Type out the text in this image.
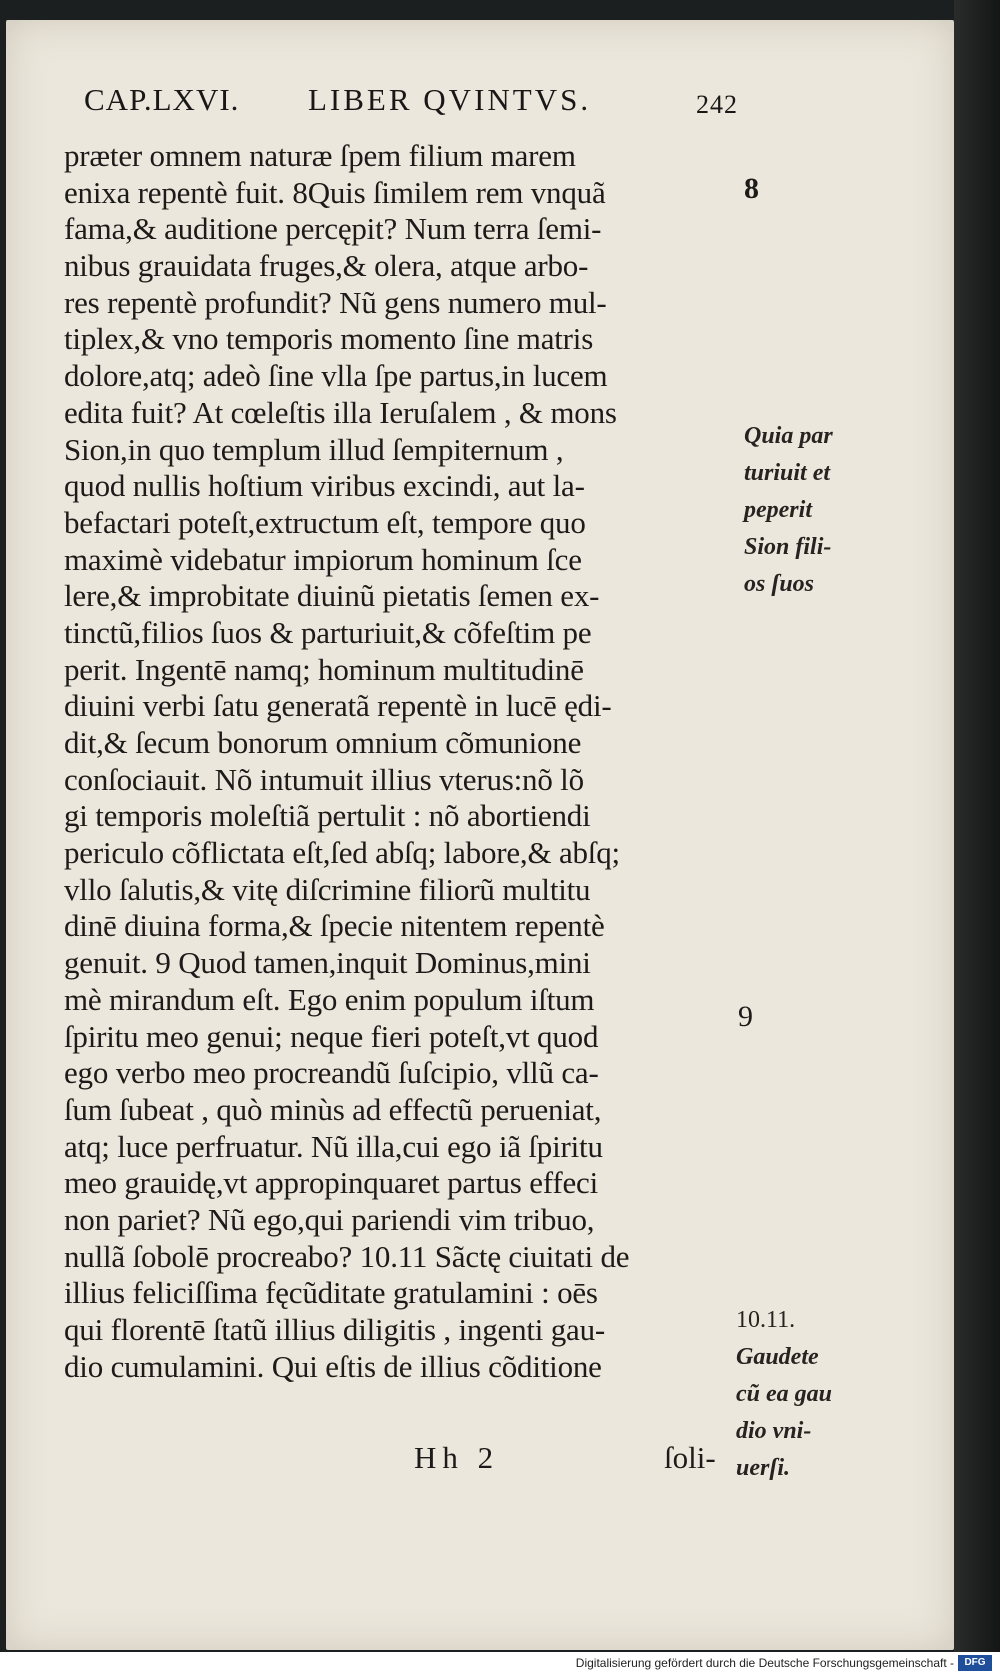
CAP.LXVI. LIBER QVINTVS.	242
præter omnem naturæ ſpem filium marem
enixa repentè fuit. 8Quis ſimilem rem vnquã
fama,& auditione percępit? Num terra ſemi-
nibus grauidata fruges,& olera, atque arbo-
res repentè profundit? Nũ gens numero mul-
tiplex,& vno temporis momento ſine matris
dolore,atq; adeò ſine vlla ſpe partus,in lucem
edita fuit? At cœleſtis illa Ieruſalem , & mons
Sion,in quo templum illud ſempiternum ,
quod nullis hoſtium viribus excindi, aut la-
befactari poteſt,extructum eſt, tempore quo
maximè videbatur impiorum hominum ſce
lere,& improbitate diuinũ pietatis ſemen ex-
tinctũ,filios ſuos & parturiuit,& cõfeſtim pe
perit. Ingentē namq; hominum multitudinē
diuini verbi ſatu generatã repentè in lucē ędi-
dit,& ſecum bonorum omnium cõmunione
conſociauit. Nõ intumuit illius vterus:nõ lõ
gi temporis moleſtiã pertulit : nõ abortiendi
periculo cõflictata eſt,ſed abſq; labore,& abſq;
vllo ſalutis,& vitę diſcrimine filiorũ multitu
dinē diuina forma,& ſpecie nitentem repentè
genuit. 9 Quod tamen,inquit Dominus,mini
mè mirandum eſt. Ego enim populum iſtum
ſpiritu meo genui; neque fieri poteſt,vt quod
ego verbo meo procreandũ ſuſcipio, vllũ ca-
ſum ſubeat , quò minùs ad effectũ perueniat,
atq; luce perfruatur. Nũ illa,cui ego iã ſpiritu
meo grauidę,vt appropinquaret partus effeci
non pariet? Nũ ego,qui pariendi vim tribuo,
nullã ſobolē procreabo? 10.11 Sãctę ciuitati de
illius feliciſſima fęcũditate gratulamini : oēs
qui florentē ſtatũ illius diligitis , ingenti gau-
dio cumulamini. Qui eſtis de illius cõditione
8
Quia par
turiuit et
peperit
Sion fili-
os ſuos
9
10.11.
Gaudete
cũ ea gau
dio vni-
uerſi.
Hh 2	ſoli-
Digitalisierung gefördert durch die Deutsche Forschungsgemeinschaft -	DFG
